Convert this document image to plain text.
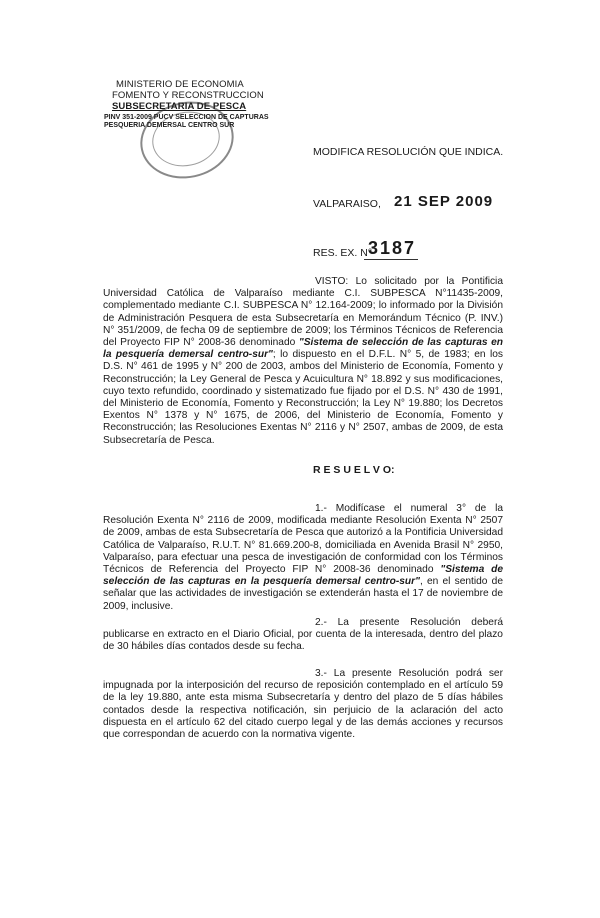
MINISTERIO DE ECONOMIA
FOMENTO Y RECONSTRUCCION
SUBSECRETARIA DE PESCA
PINV 351-2009 PUCV SELECCION DE CAPTURAS
PESQUERIA DEMERSAL CENTRO SUR
MODIFICA RESOLUCIÓN QUE INDICA.
VALPARAISO, 21 SEP 2009
RES. EX. N°
3187
VISTO: Lo solicitado por la Pontificia Universidad Católica de Valparaíso mediante C.I. SUBPESCA N°11435-2009, complementado mediante C.I. SUBPESCA N° 12.164-2009; lo informado por la División de Administración Pesquera de esta Subsecretaría en Memorándum Técnico (P. INV.) N° 351/2009, de fecha 09 de septiembre de 2009; los Términos Técnicos de Referencia del Proyecto FIP N° 2008-36 denominado "Sistema de selección de las capturas en la pesquería demersal centro-sur"; lo dispuesto en el D.F.L. N° 5, de 1983; en los D.S. N° 461 de 1995 y N° 200 de 2003, ambos del Ministerio de Economía, Fomento y Reconstrucción; la Ley General de Pesca y Acuicultura N° 18.892 y sus modificaciones, cuyo texto refundido, coordinado y sistematizado fue fijado por el D.S. N° 430 de 1991, del Ministerio de Economía, Fomento y Reconstrucción; la Ley N° 19.880; los Decretos Exentos N° 1378 y N° 1675, de 2006, del Ministerio de Economía, Fomento y Reconstrucción; las Resoluciones Exentas N° 2116 y N° 2507, ambas de 2009, de esta Subsecretaría de Pesca.
R E S U E L V O:
1.- Modifícase el numeral 3° de la Resolución Exenta N° 2116 de 2009, modificada mediante Resolución Exenta N° 2507 de 2009, ambas de esta Subsecretaría de Pesca que autorizó a la Pontificia Universidad Católica de Valparaíso, R.U.T. N° 81.669.200-8, domiciliada en Avenida Brasil N° 2950, Valparaíso, para efectuar una pesca de investigación de conformidad con los Términos Técnicos de Referencia del Proyecto FIP N° 2008-36 denominado "Sistema de selección de las capturas en la pesquería demersal centro-sur", en el sentido de señalar que las actividades de investigación se extenderán hasta el 17 de noviembre de 2009, inclusive.
2.- La presente Resolución deberá publicarse en extracto en el Diario Oficial, por cuenta de la interesada, dentro del plazo de 30 hábiles días contados desde su fecha.
3.- La presente Resolución podrá ser impugnada por la interposición del recurso de reposición contemplado en el artículo 59 de la ley 19.880, ante esta misma Subsecretaría y dentro del plazo de 5 días hábiles contados desde la respectiva notificación, sin perjuicio de la aclaración del acto dispuesta en el artículo 62 del citado cuerpo legal y de las demás acciones y recursos que correspondan de acuerdo con la normativa vigente.
